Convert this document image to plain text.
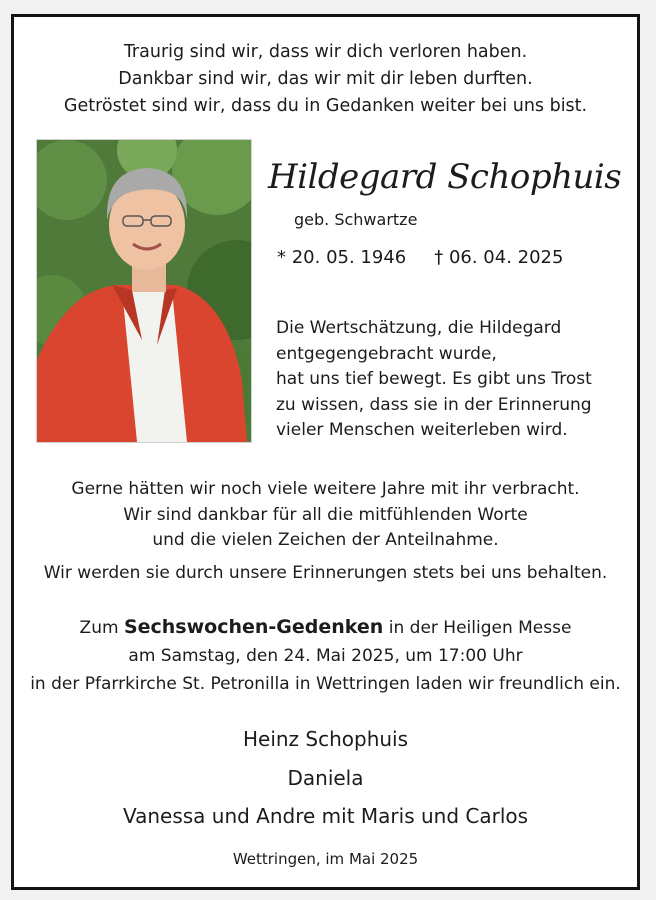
Traurig sind wir, dass wir dich verloren haben.
Dankbar sind wir, das wir mit dir leben durften.
Getröstet sind wir, dass du in Gedanken weiter bei uns bist.
Hildegard Schophuis
geb. Schwartze
* 20. 05. 1946 † 06. 04. 2025
Die Wertschätzung, die Hildegard
entgegengebracht wurde,
hat uns tief bewegt. Es gibt uns Trost
zu wissen, dass sie in der Erinnerung
vieler Menschen weiterleben wird.
Gerne hätten wir noch viele weitere Jahre mit ihr verbracht.
Wir sind dankbar für all die mitfühlenden Worte
und die vielen Zeichen der Anteilnahme.
Wir werden sie durch unsere Erinnerungen stets bei uns behalten.
Zum Sechswochen-Gedenken in der Heiligen Messe
am Samstag, den 24. Mai 2025, um 17:00 Uhr
in der Pfarrkirche St. Petronilla in Wettringen laden wir freundlich ein.
Heinz Schophuis
Daniela
Vanessa und Andre mit Maris und Carlos
Wettringen, im Mai 2025
